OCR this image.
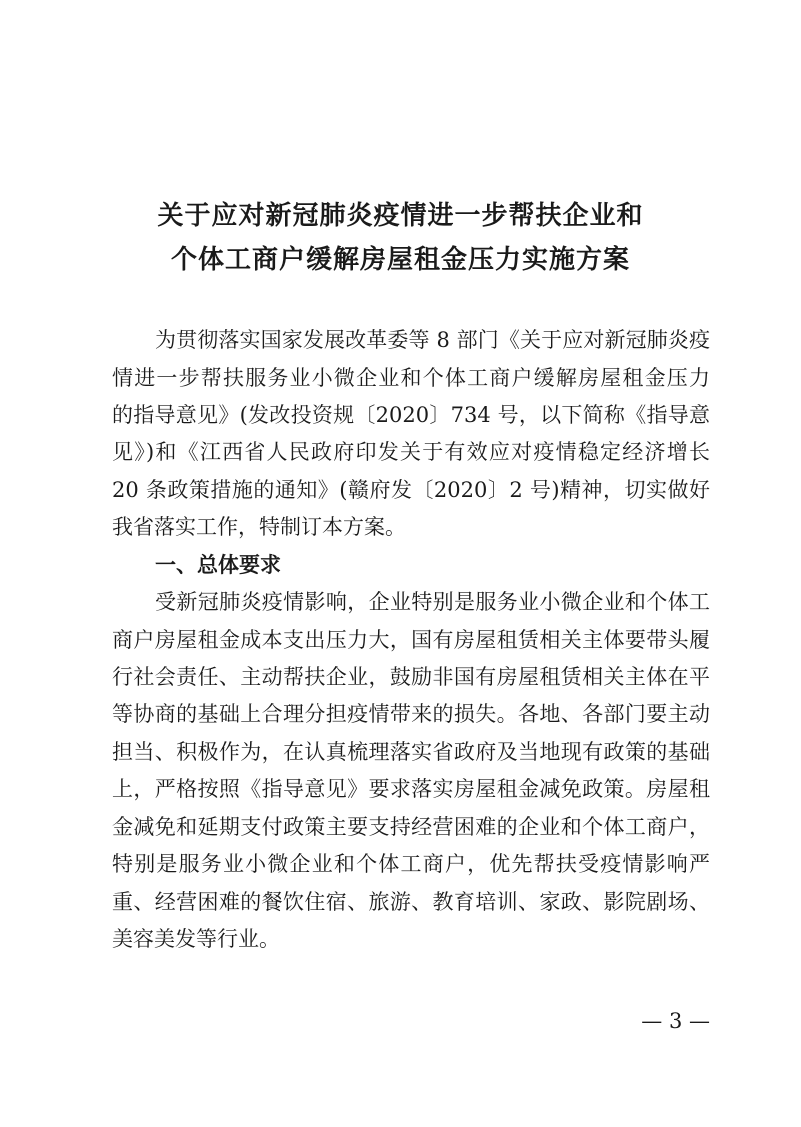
关于应对新冠肺炎疫情进一步帮扶企业和
个体工商户缓解房屋租金压力实施方案
为贯彻落实国家发展改革委等 8 部门《关于应对新冠肺炎疫
情进一步帮扶服务业小微企业和个体工商户缓解房屋租金压力
的指导意见》(发改投资规〔2020〕734 号，以下简称《指导意
见》)和《江西省人民政府印发关于有效应对疫情稳定经济增长
20 条政策措施的通知》(赣府发〔2020〕2 号)精神，切实做好
我省落实工作，特制订本方案。
一、总体要求
受新冠肺炎疫情影响，企业特别是服务业小微企业和个体工
商户房屋租金成本支出压力大，国有房屋租赁相关主体要带头履
行社会责任、主动帮扶企业，鼓励非国有房屋租赁相关主体在平
等协商的基础上合理分担疫情带来的损失。各地、各部门要主动
担当、积极作为，在认真梳理落实省政府及当地现有政策的基础
上，严格按照《指导意见》要求落实房屋租金减免政策。房屋租
金减免和延期支付政策主要支持经营困难的企业和个体工商户，
特别是服务业小微企业和个体工商户，优先帮扶受疫情影响严
重、经营困难的餐饮住宿、旅游、教育培训、家政、影院剧场、
美容美发等行业。
— 3 —
